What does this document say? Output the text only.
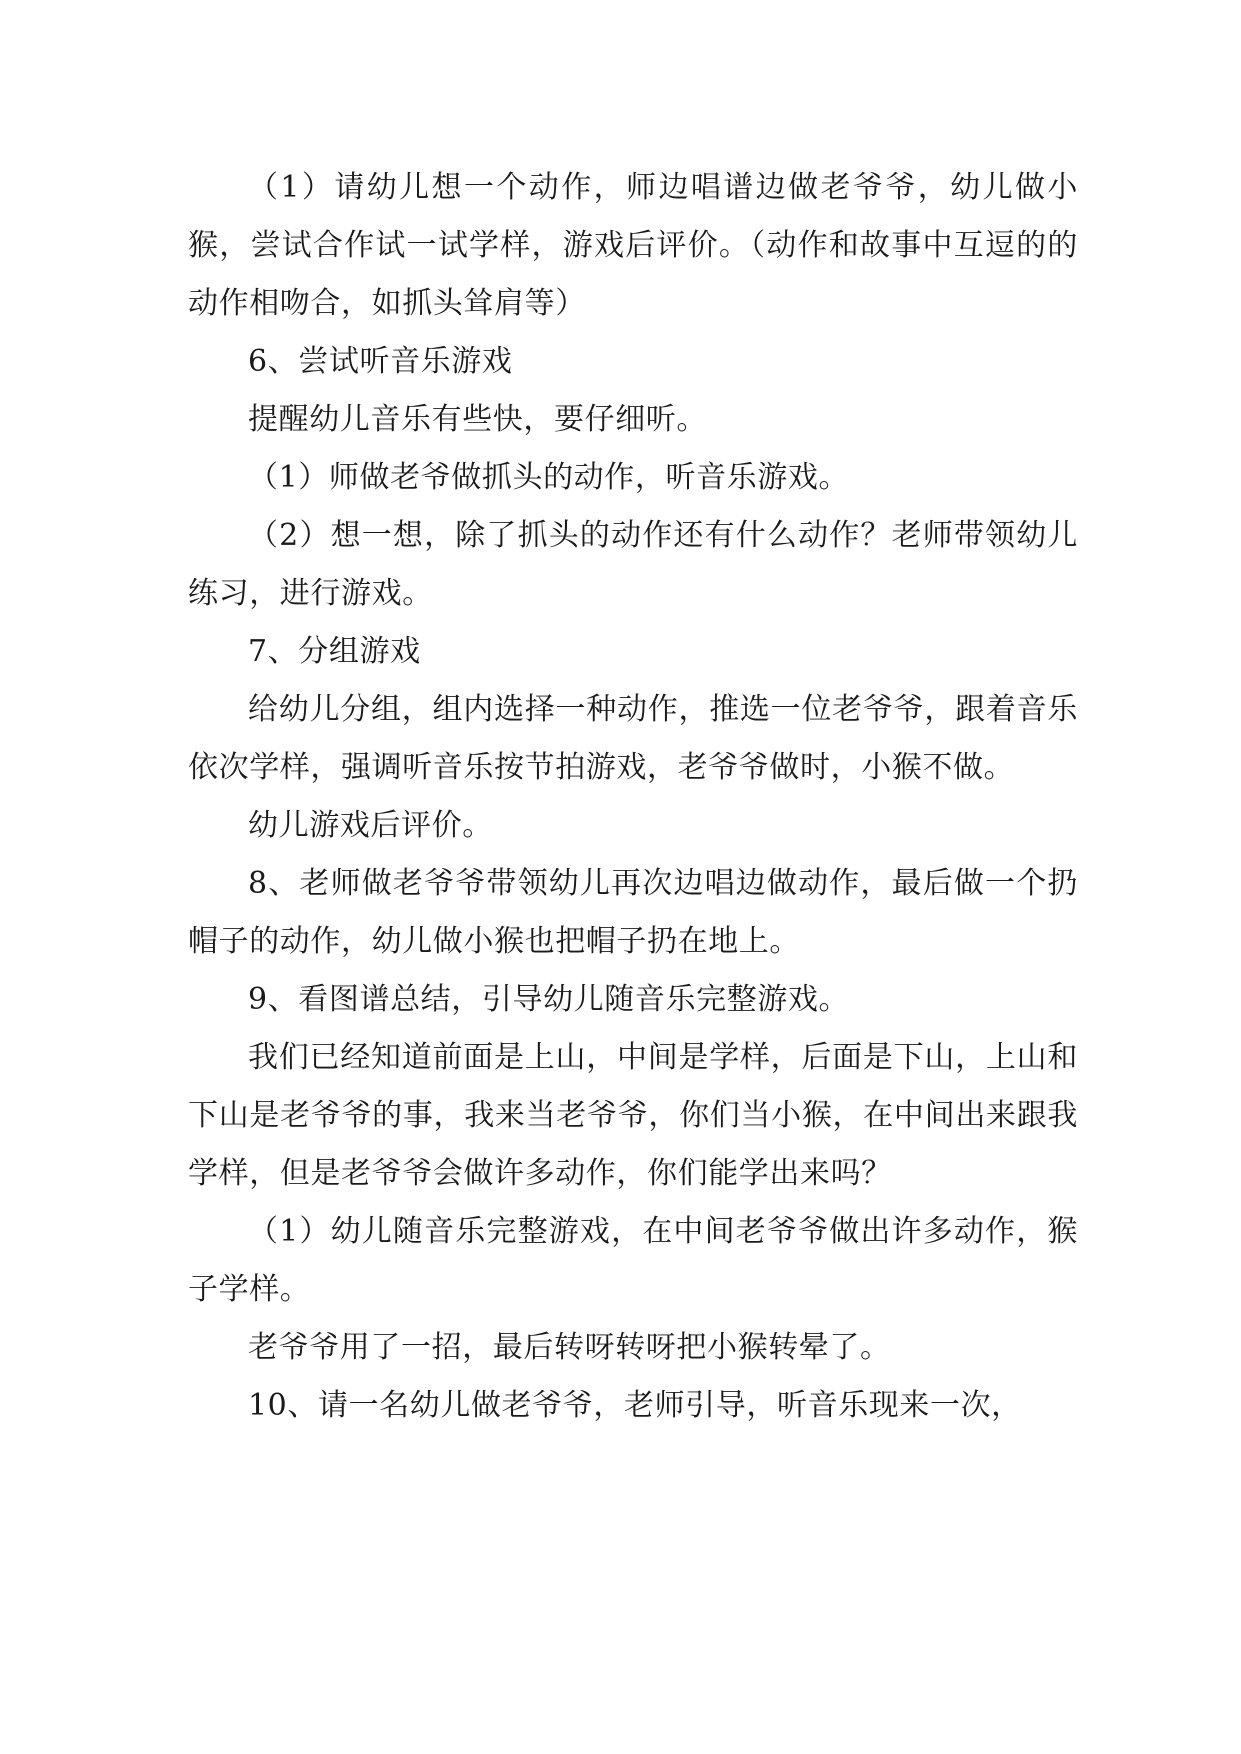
（1）请幼儿想一个动作，师边唱谱边做老爷爷，幼儿做小猴，尝试合作试一试学样，游戏后评价。（动作和故事中互逗的的动作相吻合，如抓头耸肩等）

6、尝试听音乐游戏

提醒幼儿音乐有些快，要仔细听。

（1）师做老爷做抓头的动作，听音乐游戏。

（2）想一想，除了抓头的动作还有什么动作？老师带领幼儿练习，进行游戏。

7、分组游戏

给幼儿分组，组内选择一种动作，推选一位老爷爷，跟着音乐依次学样，强调听音乐按节拍游戏，老爷爷做时，小猴不做。

幼儿游戏后评价。

8、老师做老爷爷带领幼儿再次边唱边做动作，最后做一个扔帽子的动作，幼儿做小猴也把帽子扔在地上。

9、看图谱总结，引导幼儿随音乐完整游戏。

我们已经知道前面是上山，中间是学样，后面是下山，上山和下山是老爷爷的事，我来当老爷爷，你们当小猴，在中间出来跟我学样，但是老爷爷会做许多动作，你们能学出来吗？

（1）幼儿随音乐完整游戏，在中间老爷爷做出许多动作，猴子学样。

老爷爷用了一招，最后转呀转呀把小猴转晕了。

10、请一名幼儿做老爷爷，老师引导，听音乐现来一次，
